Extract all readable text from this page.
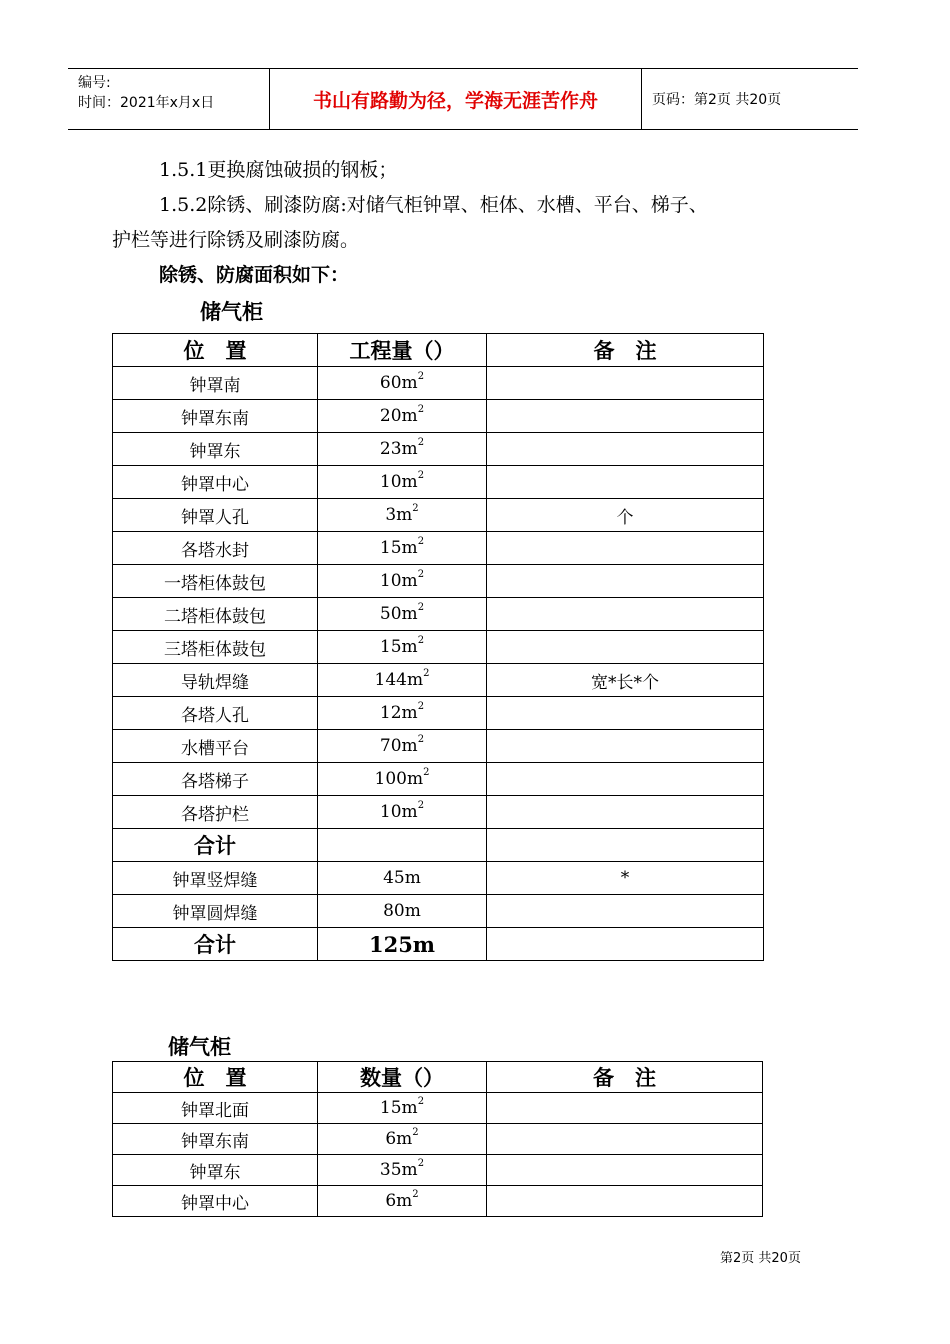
编号:
时间：2021年x月x日	书山有路勤为径，学海无涯苦作舟	页码：第2页 共20页
1.5.1更换腐蚀破损的钢板；
1.5.2除锈、刷漆防腐:对储气柜钟罩、柜体、水槽、平台、梯子、
护栏等进行除锈及刷漆防腐。
除锈、防腐面积如下：
储气柜
位　置	工程量（）	备　注
钟罩南	$60m^2$	
钟罩东南	$20m^2$	
钟罩东	$23m^2$	
钟罩中心	$10m^2$	
钟罩人孔	$3m^2$	个
各塔水封	$15m^2$	
一塔柜体鼓包	$10m^2$	
二塔柜体鼓包	$50m^2$	
三塔柜体鼓包	$15m^2$	
导轨焊缝	$144m^2$	宽*长*个
各塔人孔	$12m^2$	
水槽平台	$70m^2$	
各塔梯子	$100m^2$	
各塔护栏	$10m^2$	
合计		
钟罩竖焊缝	45m	*
钟罩圆焊缝	80m	
合计	125m	
储气柜
位　置	数量（）	备　注
钟罩北面	$15m^2$	
钟罩东南	$6m^2$	
钟罩东	$35m^2$	
钟罩中心	$6m^2$	
第2页 共20页
